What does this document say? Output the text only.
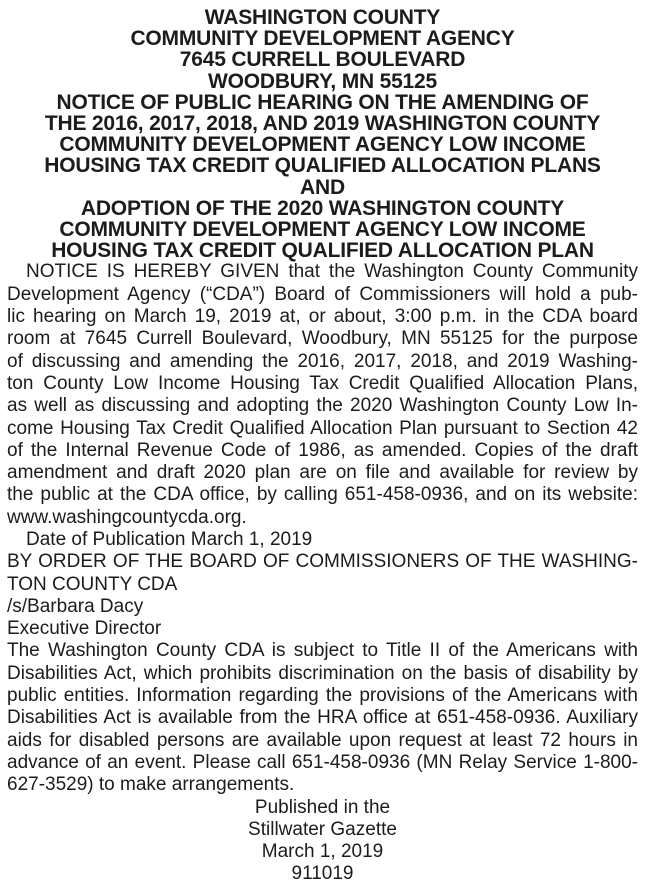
WASHINGTON COUNTY
COMMUNITY DEVELOPMENT AGENCY
7645 CURRELL BOULEVARD
WOODBURY, MN 55125
NOTICE OF PUBLIC HEARING ON THE AMENDING OF
THE 2016, 2017, 2018, AND 2019 WASHINGTON COUNTY
COMMUNITY DEVELOPMENT AGENCY LOW INCOME
HOUSING TAX CREDIT QUALIFIED ALLOCATION PLANS
AND
ADOPTION OF THE 2020 WASHINGTON COUNTY
COMMUNITY DEVELOPMENT AGENCY LOW INCOME
HOUSING TAX CREDIT QUALIFIED ALLOCATION PLAN
NOTICE IS HEREBY GIVEN that the Washington County Community
Development Agency (“CDA”) Board of Commissioners will hold a pub-
lic hearing on March 19, 2019 at, or about, 3:00 p.m. in the CDA board
room at 7645 Currell Boulevard, Woodbury, MN 55125 for the purpose
of discussing and amending the 2016, 2017, 2018, and 2019 Washing-
ton County Low Income Housing Tax Credit Qualified Allocation Plans,
as well as discussing and adopting the 2020 Washington County Low In-
come Housing Tax Credit Qualified Allocation Plan pursuant to Section 42
of the Internal Revenue Code of 1986, as amended. Copies of the draft
amendment and draft 2020 plan are on file and available for review by
the public at the CDA office, by calling 651-458-0936, and on its website:
www.washingcountycda.org.
Date of Publication March 1, 2019
BY ORDER OF THE BOARD OF COMMISSIONERS OF THE WASHING-
TON COUNTY CDA
/s/Barbara Dacy
Executive Director
The Washington County CDA is subject to Title II of the Americans with
Disabilities Act, which prohibits discrimination on the basis of disability by
public entities. Information regarding the provisions of the Americans with
Disabilities Act is available from the HRA office at 651-458-0936. Auxiliary
aids for disabled persons are available upon request at least 72 hours in
advance of an event. Please call 651-458-0936 (MN Relay Service 1-800-
627-3529) to make arrangements.
Published in the
Stillwater Gazette
March 1, 2019
911019
